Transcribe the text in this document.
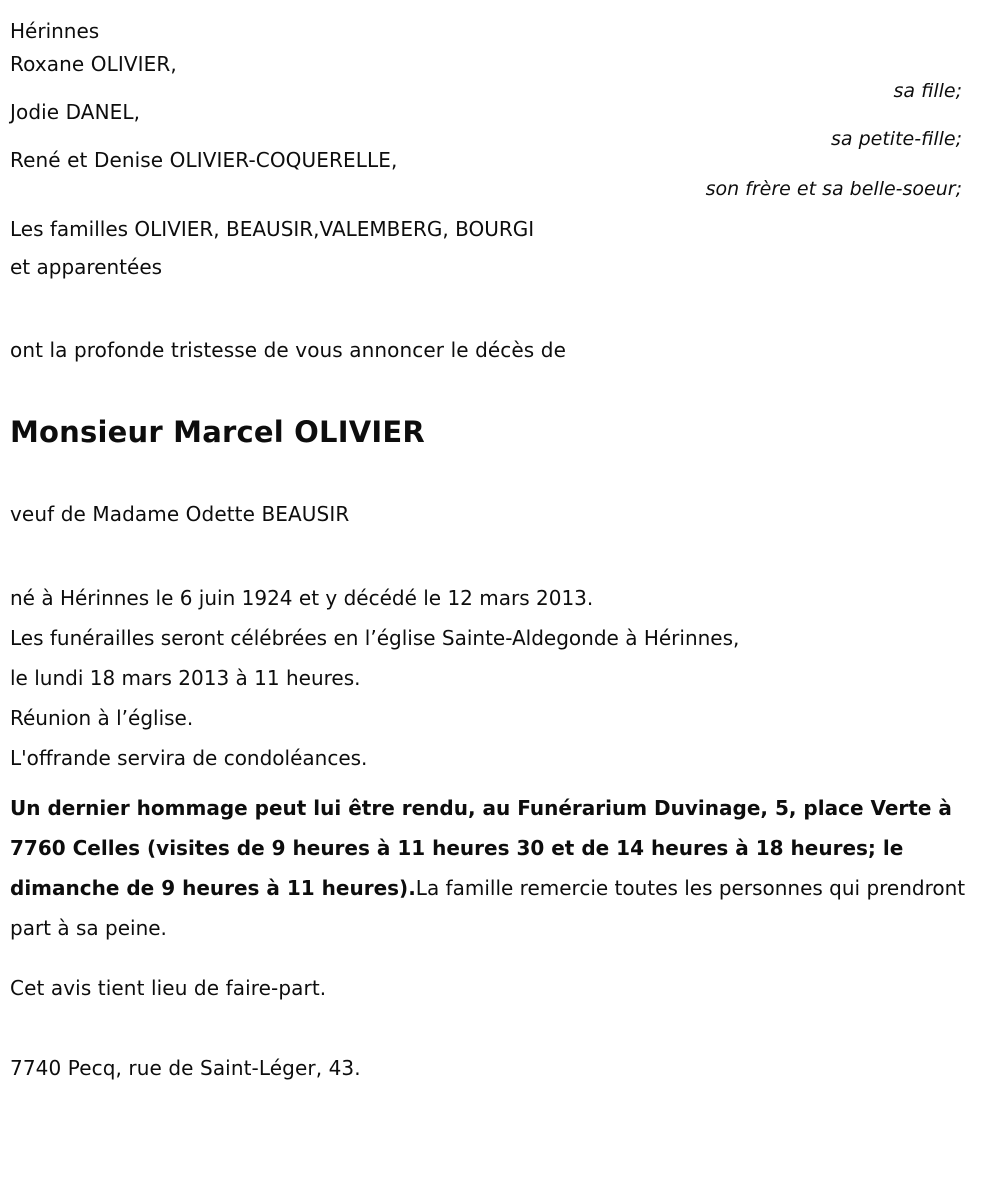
Hérinnes
Roxane OLIVIER,
sa fille;
Jodie DANEL,
sa petite-fille;
René et Denise OLIVIER-COQUERELLE,
son frère et sa belle-soeur;
Les familles OLIVIER, BEAUSIR,VALEMBERG, BOURGI
et apparentées
ont la profonde tristesse de vous annoncer le décès de
Monsieur Marcel OLIVIER
veuf de Madame Odette BEAUSIR
né à Hérinnes le 6 juin 1924 et y décédé le 12 mars 2013.
Les funérailles seront célébrées en l’église Sainte-Aldegonde à Hérinnes,
le lundi 18 mars 2013 à 11 heures.
Réunion à l’église.
L'offrande servira de condoléances.

Un dernier hommage peut lui être rendu, au Funérarium Duvinage, 5, place Verte à 7760 Celles (visites de 9 heures à 11 heures 30 et de 14 heures à 18 heures; le dimanche de 9 heures à 11 heures).La famille remercie toutes les personnes qui prendront part à sa peine.

Cet avis tient lieu de faire-part.
7740 Pecq, rue de Saint-Léger, 43.
